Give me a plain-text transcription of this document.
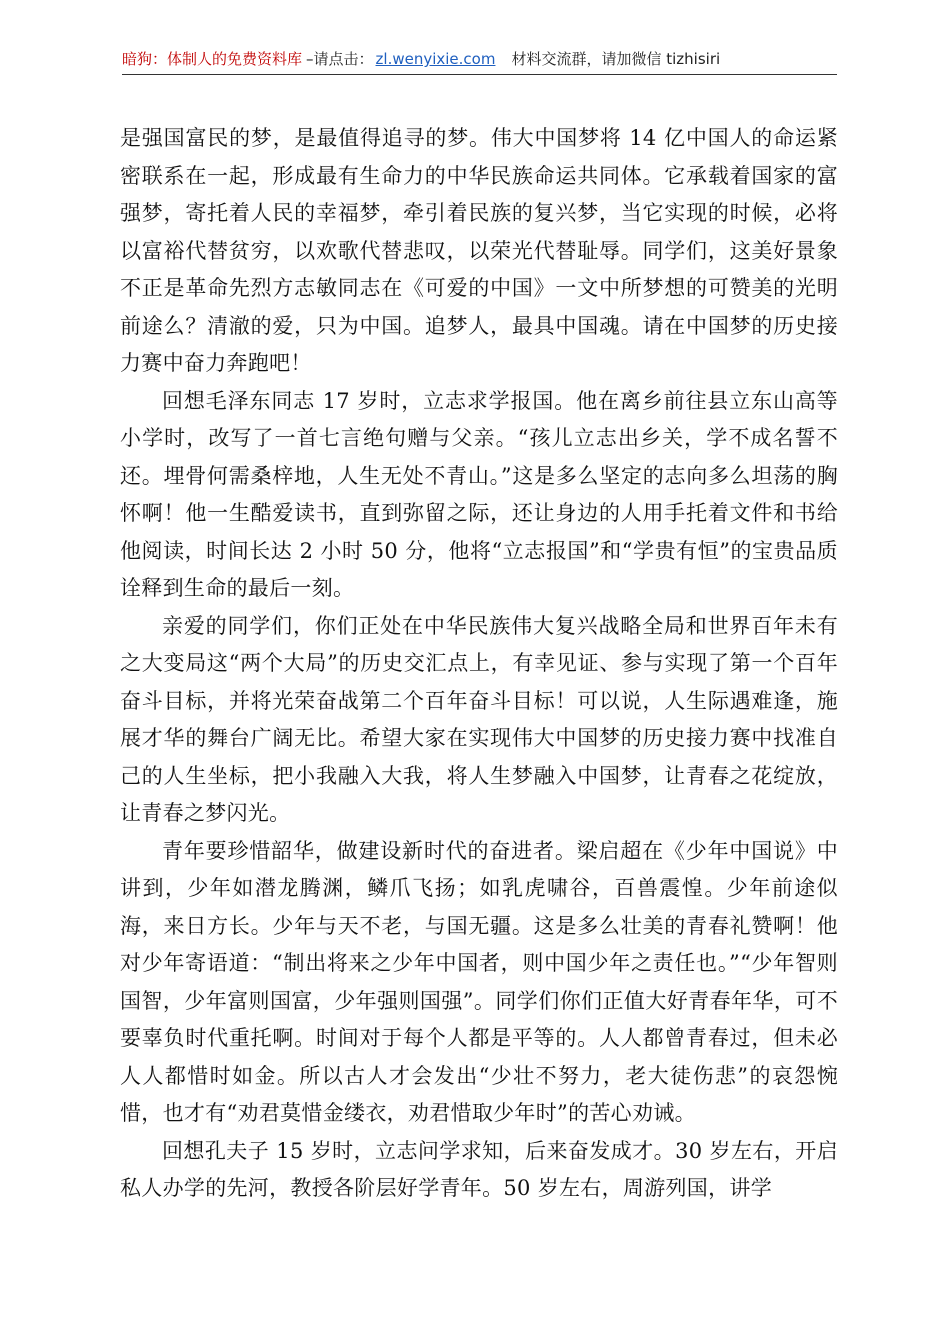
暗狗：体制人的免费资料库 –请点击： zl.wenyixie.com 材料交流群，请加微信 tizhisiri

是强国富民的梦，是最值得追寻的梦。伟大中国梦将 14 亿中国人的命运紧密联系在一起，形成最有生命力的中华民族命运共同体。它承载着国家的富强梦，寄托着人民的幸福梦，牵引着民族的复兴梦，当它实现的时候，必将以富裕代替贫穷，以欢歌代替悲叹，以荣光代替耻辱。同学们，这美好景象不正是革命先烈方志敏同志在《可爱的中国》一文中所梦想的可赞美的光明前途么？清澈的爱，只为中国。追梦人，最具中国魂。请在中国梦的历史接力赛中奋力奔跑吧！

回想毛泽东同志 17 岁时，立志求学报国。他在离乡前往县立东山高等小学时，改写了一首七言绝句赠与父亲。“孩儿立志出乡关，学不成名誓不还。埋骨何需桑梓地，人生无处不青山。”这是多么坚定的志向多么坦荡的胸怀啊！他一生酷爱读书，直到弥留之际，还让身边的人用手托着文件和书给他阅读，时间长达 2 小时 50 分，他将“立志报国”和“学贵有恒”的宝贵品质诠释到生命的最后一刻。

亲爱的同学们，你们正处在中华民族伟大复兴战略全局和世界百年未有之大变局这“两个大局”的历史交汇点上，有幸见证、参与实现了第一个百年奋斗目标，并将光荣奋战第二个百年奋斗目标！可以说，人生际遇难逢，施展才华的舞台广阔无比。希望大家在实现伟大中国梦的历史接力赛中找准自己的人生坐标，把小我融入大我，将人生梦融入中国梦，让青春之花绽放，让青春之梦闪光。

青年要珍惜韶华，做建设新时代的奋进者。梁启超在《少年中国说》中讲到，少年如潜龙腾渊，鳞爪飞扬；如乳虎啸谷，百兽震惶。少年前途似海，来日方长。少年与天不老，与国无疆。这是多么壮美的青春礼赞啊！他对少年寄语道：“制出将来之少年中国者，则中国少年之责任也。”“少年智则国智，少年富则国富，少年强则国强”。同学们你们正值大好青春年华，可不要辜负时代重托啊。时间对于每个人都是平等的。人人都曾青春过，但未必人人都惜时如金。所以古人才会发出“少壮不努力，老大徒伤悲”的哀怨惋惜，也才有“劝君莫惜金缕衣，劝君惜取少年时”的苦心劝诫。

回想孔夫子 15 岁时，立志问学求知，后来奋发成才。30 岁左右，开启私人办学的先河，教授各阶层好学青年。50 岁左右，周游列国，讲学
